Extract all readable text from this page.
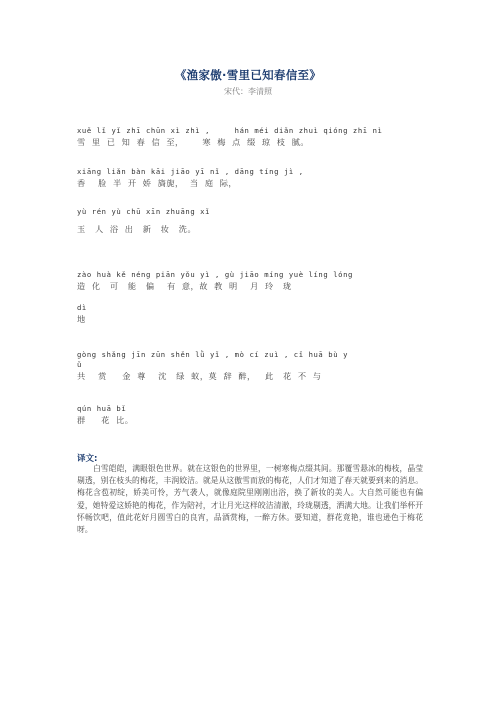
《渔家傲·雪里已知春信至》
宋代：李清照
xuě lǐ yǐ zhī chūn xì zhì ,     hán méi diǎn zhuì qióng zhī nì
雪  里  已  知  春  信  至，      寒  梅  点  缀  琼  枝  腻。
xiāng liǎn bàn kāi jiāo yī nǐ , dāng tíng jì ,
香    脸  半  开  娇  旖旎，  当  庭  际，
yù rén yù chū xīn zhuāng xǐ
玉   人  浴  出   新   妆   洗。
zào huà kě néng piān yǒu yì , gù jiāo míng yuè líng lóng
造  化   可   能   偏    有  意，故  教  明    月  玲   珑
dì
地
gòng shǎng jīn zūn shěn lǜ yǐ , mò cí zuì , cǐ huā bù y
ǔ
共    赏     金  尊    沈   绿  蚁，莫  辞  醉，   此   花  不  与
qún huā bǐ
群     花  比。
译文:
白雪皑皑，满眼银色世界。就在这银色的世界里，一树寒梅点缀其间。那覆雪悬冰的梅枝，晶莹剔透，别在枝头的梅花，丰润姣洁。就是从这傲雪而放的梅花，人们才知道了春天就要到来的消息。梅花含苞初绽，娇美可怜，芳气袭人，就像庭院里刚刚出浴，换了新妆的美人。大自然可能也有偏爱，她特爱这娇艳的梅花，作为陪衬，才让月光这样皎洁清澈，玲珑剔透，洒满大地。让我们举杯开怀畅饮吧，值此花好月圆雪白的良宵，品酒赏梅，一醉方休。要知道，群花竟艳，谁也逊色于梅花呀。
